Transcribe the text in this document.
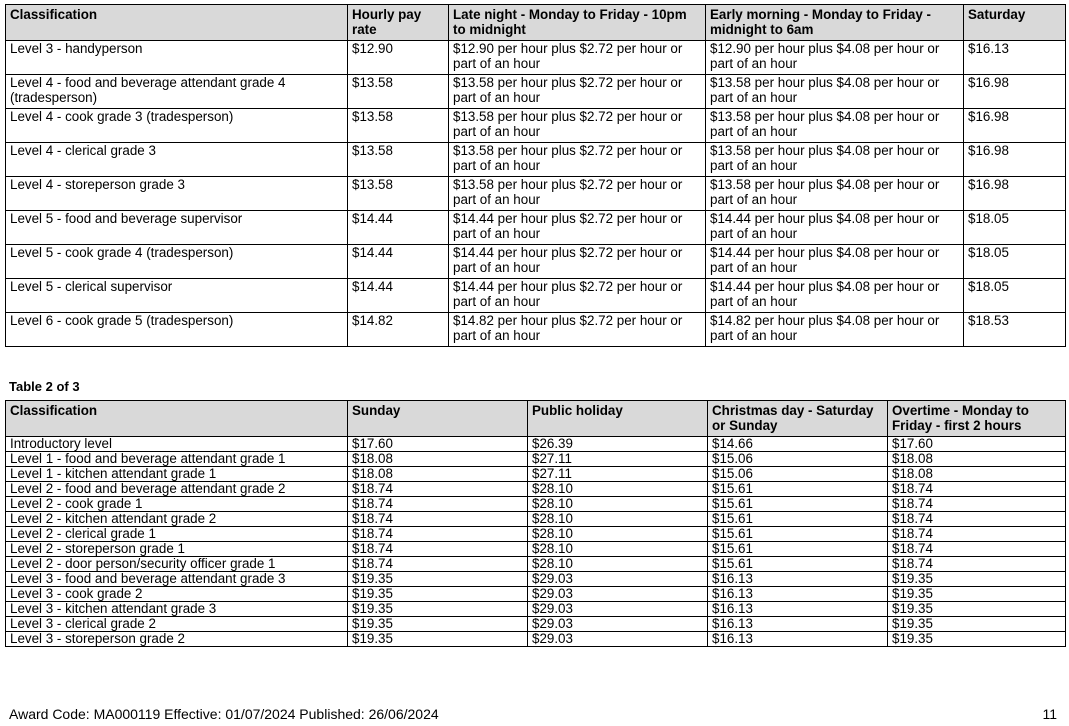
Classification	Hourly pay rate	Late night - Monday to Friday - 10pm to midnight	Early morning - Monday to Friday - midnight to 6am	Saturday
Level 3 - handyperson	$12.90	$12.90 per hour plus $2.72 per hour or part of an hour	$12.90 per hour plus $4.08 per hour or part of an hour	$16.13
Level 4 - food and beverage attendant grade 4 (tradesperson)	$13.58	$13.58 per hour plus $2.72 per hour or part of an hour	$13.58 per hour plus $4.08 per hour or part of an hour	$16.98
Level 4 - cook grade 3 (tradesperson)	$13.58	$13.58 per hour plus $2.72 per hour or part of an hour	$13.58 per hour plus $4.08 per hour or part of an hour	$16.98
Level 4 - clerical grade 3	$13.58	$13.58 per hour plus $2.72 per hour or part of an hour	$13.58 per hour plus $4.08 per hour or part of an hour	$16.98
Level 4 - storeperson grade 3	$13.58	$13.58 per hour plus $2.72 per hour or part of an hour	$13.58 per hour plus $4.08 per hour or part of an hour	$16.98
Level 5 - food and beverage supervisor	$14.44	$14.44 per hour plus $2.72 per hour or part of an hour	$14.44 per hour plus $4.08 per hour or part of an hour	$18.05
Level 5 - cook grade 4 (tradesperson)	$14.44	$14.44 per hour plus $2.72 per hour or part of an hour	$14.44 per hour plus $4.08 per hour or part of an hour	$18.05
Level 5 - clerical supervisor	$14.44	$14.44 per hour plus $2.72 per hour or part of an hour	$14.44 per hour plus $4.08 per hour or part of an hour	$18.05
Level 6 - cook grade 5 (tradesperson)	$14.82	$14.82 per hour plus $2.72 per hour or part of an hour	$14.82 per hour plus $4.08 per hour or part of an hour	$18.53
Table 2 of 3
Classification	Sunday	Public holiday	Christmas day - Saturday or Sunday	Overtime - Monday to Friday - first 2 hours
Introductory level	$17.60	$26.39	$14.66	$17.60
Level 1 - food and beverage attendant grade 1	$18.08	$27.11	$15.06	$18.08
Level 1 - kitchen attendant grade 1	$18.08	$27.11	$15.06	$18.08
Level 2 - food and beverage attendant grade 2	$18.74	$28.10	$15.61	$18.74
Level 2 - cook grade 1	$18.74	$28.10	$15.61	$18.74
Level 2 - kitchen attendant grade 2	$18.74	$28.10	$15.61	$18.74
Level 2 - clerical grade 1	$18.74	$28.10	$15.61	$18.74
Level 2 - storeperson grade 1	$18.74	$28.10	$15.61	$18.74
Level 2 - door person/security officer grade 1	$18.74	$28.10	$15.61	$18.74
Level 3 - food and beverage attendant grade 3	$19.35	$29.03	$16.13	$19.35
Level 3 - cook grade 2	$19.35	$29.03	$16.13	$19.35
Level 3 - kitchen attendant grade 3	$19.35	$29.03	$16.13	$19.35
Level 3 - clerical grade 2	$19.35	$29.03	$16.13	$19.35
Level 3 - storeperson grade 2	$19.35	$29.03	$16.13	$19.35
Award Code: MA000119 Effective: 01/07/2024 Published: 26/06/2024	11
